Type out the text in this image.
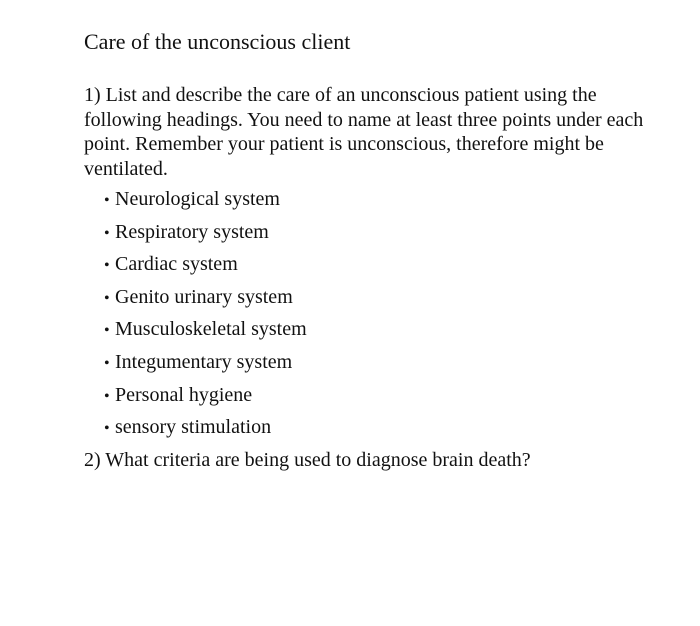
Care of the unconscious client

1) List and describe the care of an unconscious patient using the following headings. You need to name at least three points under each point. Remember your patient is unconscious, therefore might be ventilated.

• Neurological system
• Respiratory system
• Cardiac system
• Genito urinary system
• Musculoskeletal system
• Integumentary system
• Personal hygiene
• sensory stimulation

2) What criteria are being used to diagnose brain death?
